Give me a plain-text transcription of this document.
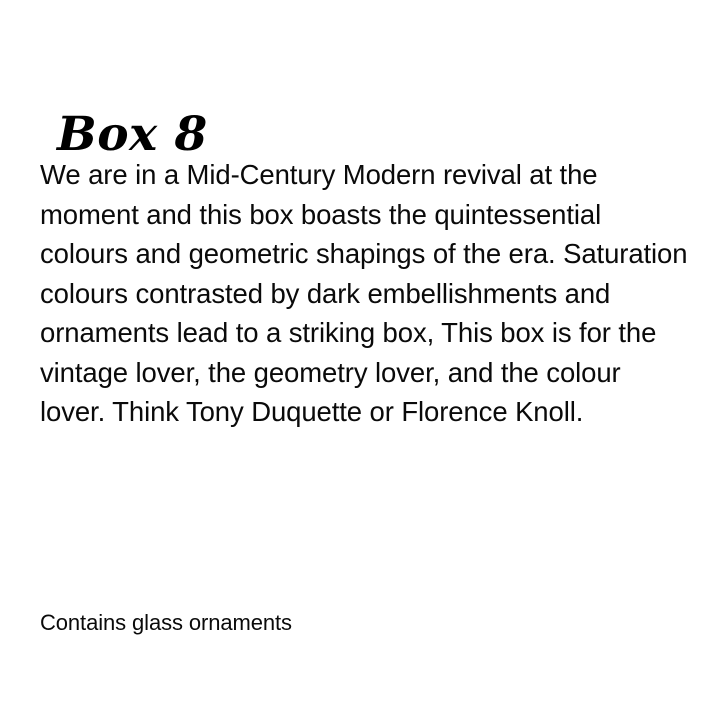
Box 8

We are in a Mid-Century Modern revival at the moment and this box boasts the quintessential colours and geometric shapings of the era. Saturation colours contrasted by dark embellishments and ornaments lead to a striking box, This box is for the vintage lover, the geometry lover, and the colour lover. Think Tony Duquette or Florence Knoll.

Contains glass ornaments
